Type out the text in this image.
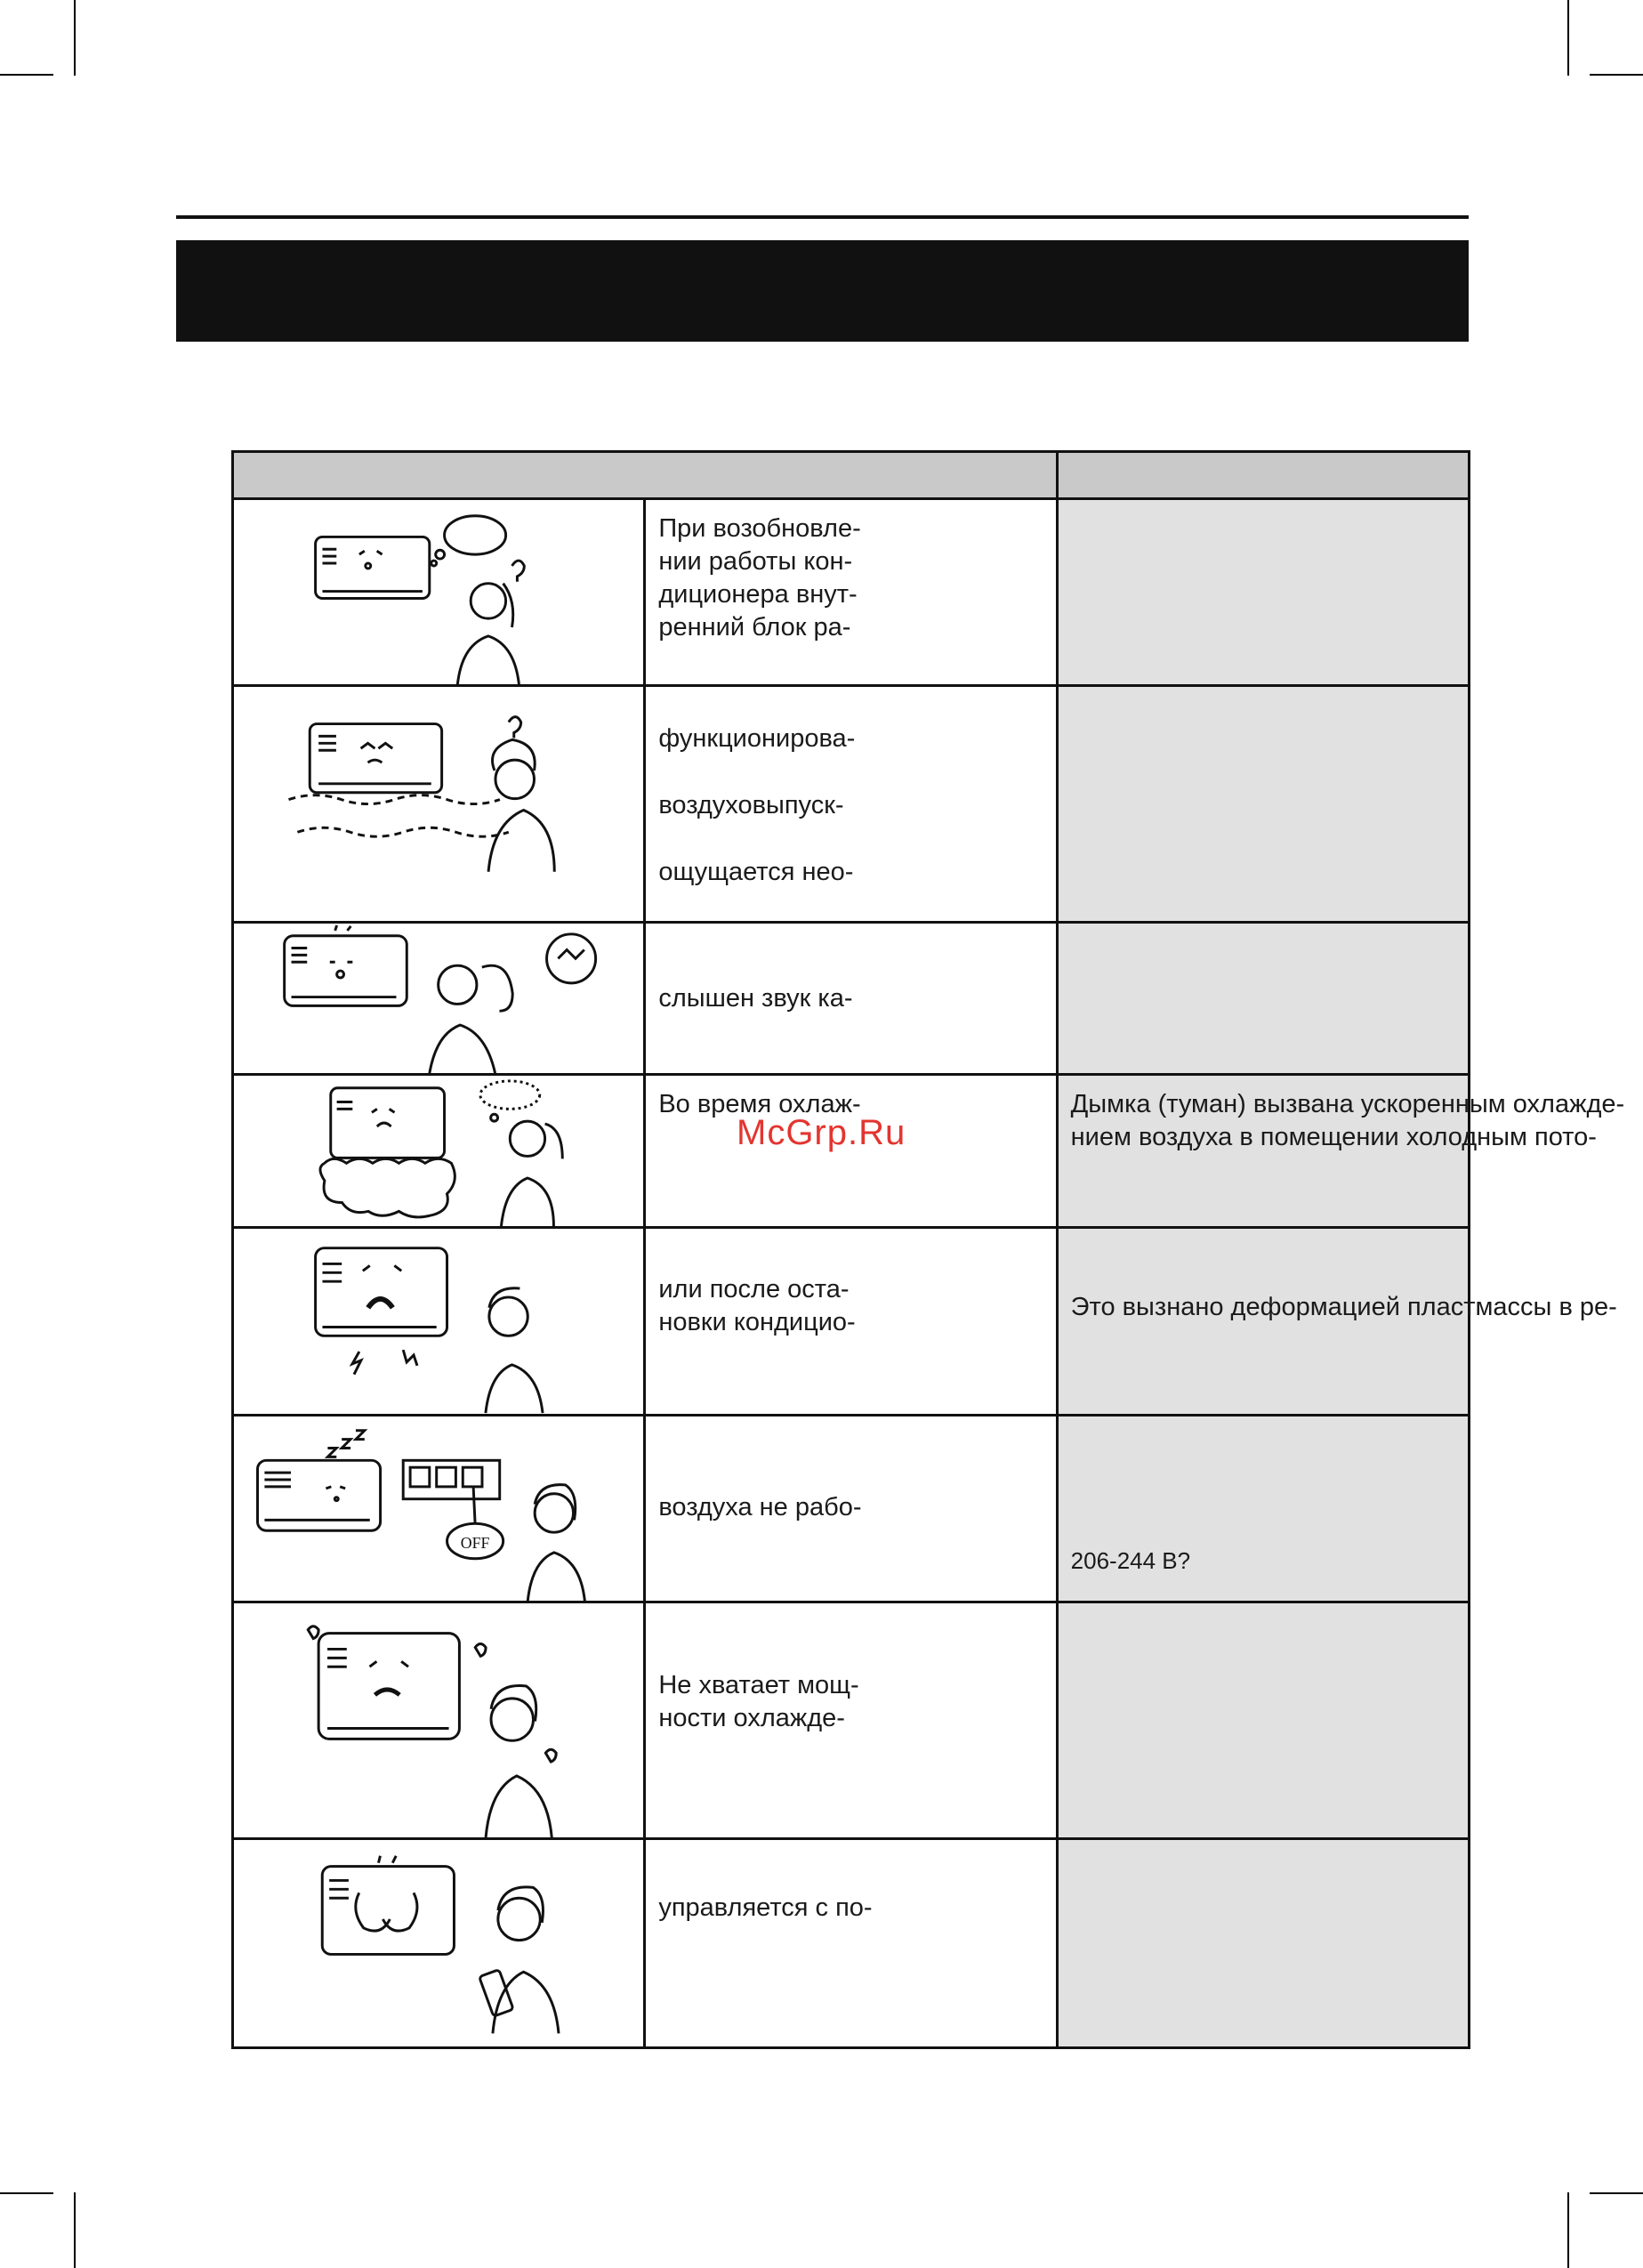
При возобновле-
нии работы кон-
диционера внут-
ренний блок ра-	

функционирова-
воздуховыпуск-
ощущается нео-	

слышен звук ка-	

Во время охлаж-	Дымка (туман) вызвана ускоренным охлажде-
нием воздуха в помещении холодным пото-

или после оста-
новки кондицио-	Это вызнано деформацией пластмассы в ре-

OFF	воздуха не рабо-	206-244 В?

Не хватает мощ-
ности охлажде-	

управляется с по-	

McGrp.Ru
